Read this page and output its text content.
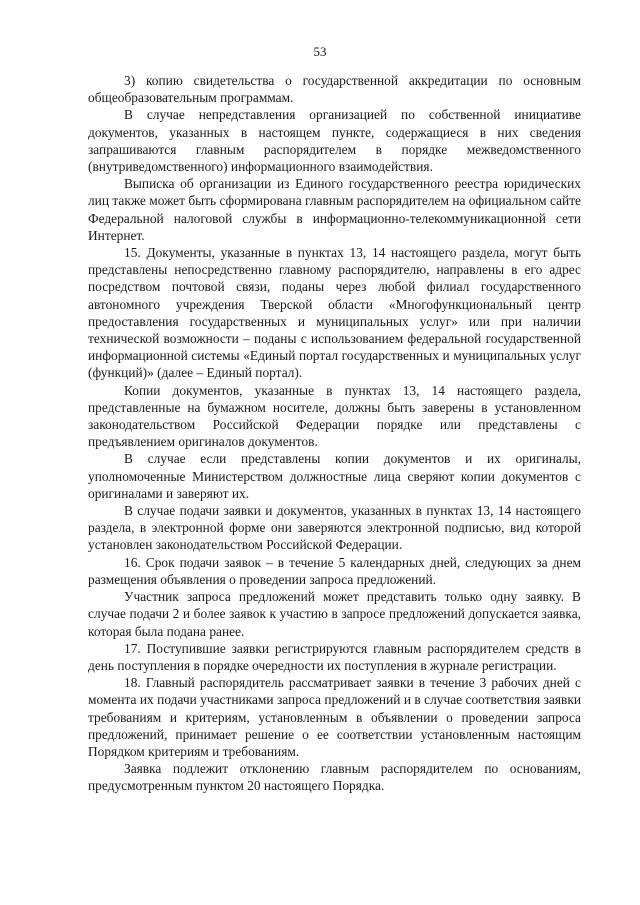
53

3) копию свидетельства о государственной аккредитации по основным общеобразовательным программам.

В случае непредставления организацией по собственной инициативе документов, указанных в настоящем пункте, содержащиеся в них сведения запрашиваются главным распорядителем в порядке межведомственного (внутриведомственного) информационного взаимодействия.

Выписка об организации из Единого государственного реестра юридических лиц также может быть сформирована главным распорядителем на официальном сайте Федеральной налоговой службы в информационно-телекоммуникационной сети Интернет.

15. Документы, указанные в пунктах 13, 14 настоящего раздела, могут быть представлены непосредственно главному распорядителю, направлены в его адрес посредством почтовой связи, поданы через любой филиал государственного автономного учреждения Тверской области «Многофункциональный центр предоставления государственных и муниципальных услуг» или при наличии технической возможности – поданы с использованием федеральной государственной информационной системы «Единый портал государственных и муниципальных услуг (функций)» (далее – Единый портал).

Копии документов, указанные в пунктах 13, 14 настоящего раздела, представленные на бумажном носителе, должны быть заверены в установленном законодательством Российской Федерации порядке или представлены с предъявлением оригиналов документов.

В случае если представлены копии документов и их оригиналы, уполномоченные Министерством должностные лица сверяют копии документов с оригиналами и заверяют их.

В случае подачи заявки и документов, указанных в пунктах 13, 14 настоящего раздела, в электронной форме они заверяются электронной подписью, вид которой установлен законодательством Российской Федерации.

16. Срок подачи заявок – в течение 5 календарных дней, следующих за днем размещения объявления о проведении запроса предложений.

Участник запроса предложений может представить только одну заявку. В случае подачи 2 и более заявок к участию в запросе предложений допускается заявка, которая была подана ранее.

17. Поступившие заявки регистрируются главным распорядителем средств в день поступления в порядке очередности их поступления в журнале регистрации.

18. Главный распорядитель рассматривает заявки в течение 3 рабочих дней с момента их подачи участниками запроса предложений и в случае соответствия заявки требованиям и критериям, установленным в объявлении о проведении запроса предложений, принимает решение о ее соответствии установленным настоящим Порядком критериям и требованиям.

Заявка подлежит отклонению главным распорядителем по основаниям, предусмотренным пунктом 20 настоящего Порядка.
